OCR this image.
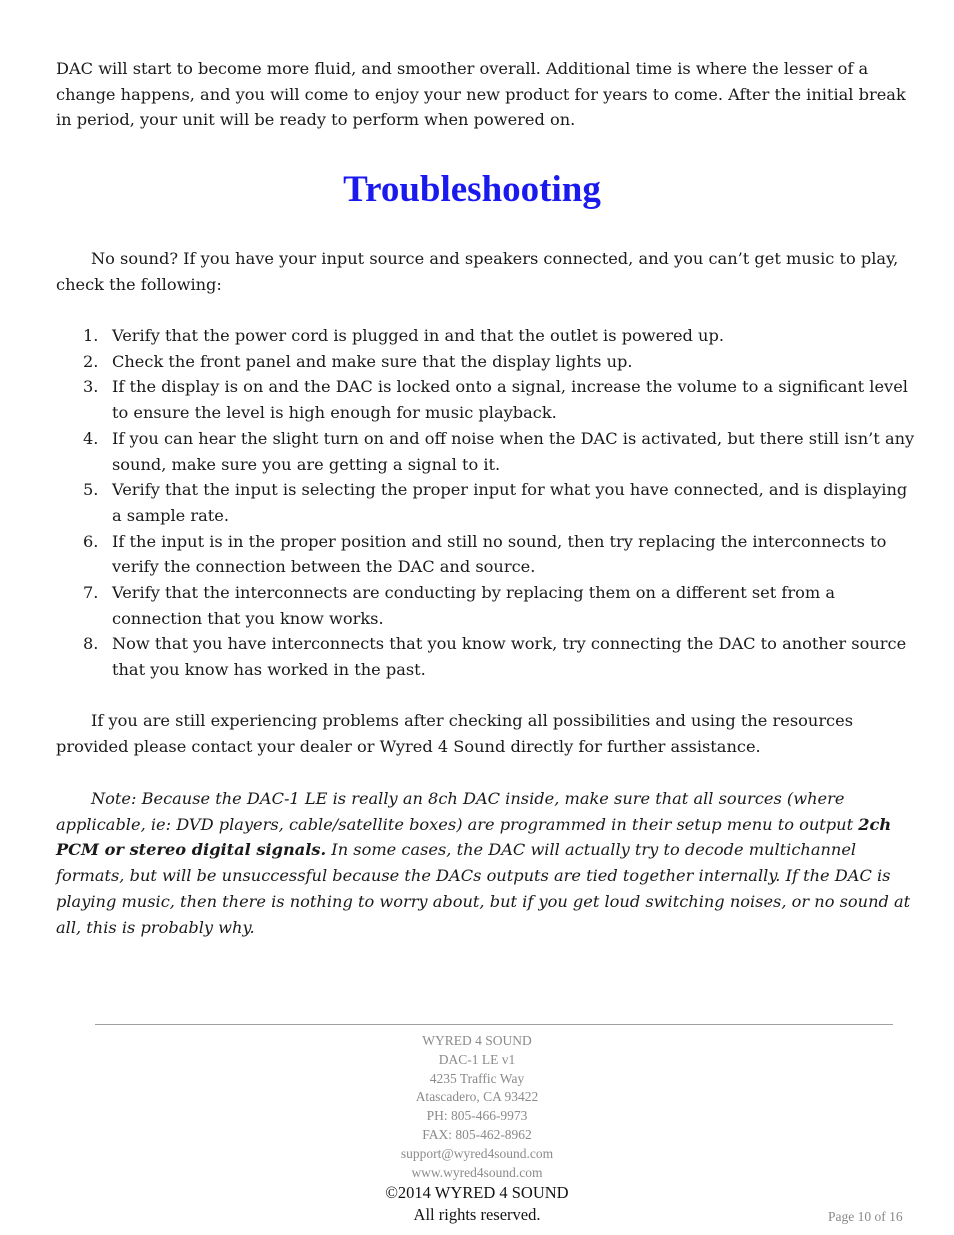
DAC will start to become more fluid, and smoother overall. Additional time is where the lesser of a change happens, and you will come to enjoy your new product for years to come. After the initial break in period, your unit will be ready to perform when powered on.

Troubleshooting

No sound? If you have your input source and speakers connected, and you can’t get music to play, check the following:

1. Verify that the power cord is plugged in and that the outlet is powered up.
2. Check the front panel and make sure that the display lights up.
3. If the display is on and the DAC is locked onto a signal, increase the volume to a significant level to ensure the level is high enough for music playback.
4. If you can hear the slight turn on and off noise when the DAC is activated, but there still isn’t any sound, make sure you are getting a signal to it.
5. Verify that the input is selecting the proper input for what you have connected, and is displaying a sample rate.
6. If the input is in the proper position and still no sound, then try replacing the interconnects to verify the connection between the DAC and source.
7. Verify that the interconnects are conducting by replacing them on a different set from a connection that you know works.
8. Now that you have interconnects that you know work, try connecting the DAC to another source that you know has worked in the past.

If you are still experiencing problems after checking all possibilities and using the resources provided please contact your dealer or Wyred 4 Sound directly for further assistance.

Note: Because the DAC-1 LE is really an 8ch DAC inside, make sure that all sources (where applicable, ie: DVD players, cable/satellite boxes) are programmed in their setup menu to output 2ch PCM or stereo digital signals. In some cases, the DAC will actually try to decode multichannel formats, but will be unsuccessful because the DACs outputs are tied together internally. If the DAC is playing music, then there is nothing to worry about, but if you get loud switching noises, or no sound at all, this is probably why.

WYRED 4 SOUND
DAC-1 LE v1
4235 Traffic Way
Atascadero, CA 93422
PH: 805-466-9973
FAX: 805-462-8962
support@wyred4sound.com
www.wyred4sound.com
©2014 WYRED 4 SOUND
All rights reserved.	Page 10 of 16
